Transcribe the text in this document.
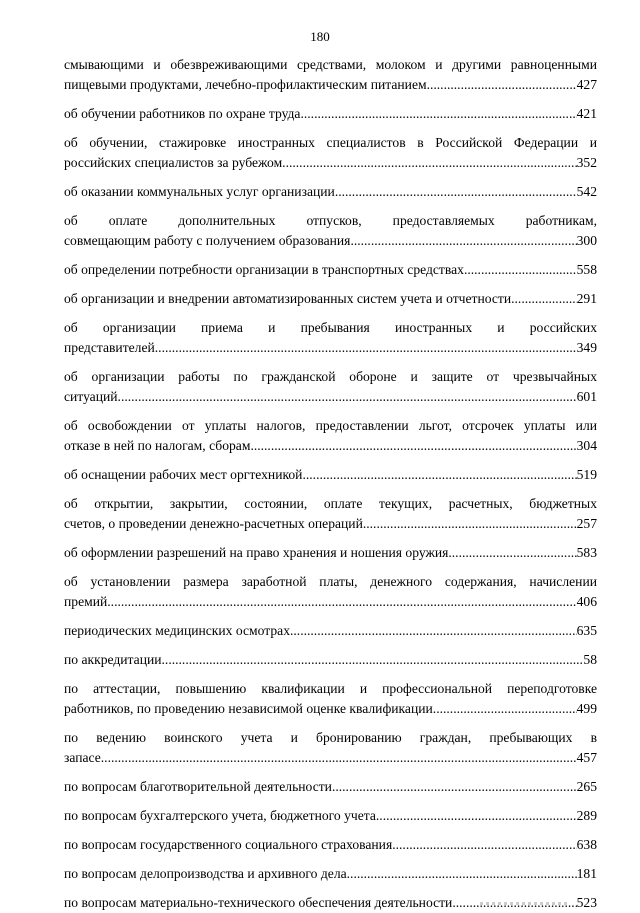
180
смывающими и обезвреживающими средствами, молоком и другими равноценными
пищевыми продуктами, лечебно-профилактическим питанием .....	427
об обучении работников по охране труда .....	421
об обучении, стажировке иностранных специалистов в Российской Федерации и
российских специалистов за рубежом .....	352
об оказании коммунальных услуг организации .....	542
об оплате дополнительных отпусков, предоставляемых работникам,
совмещающим работу с получением образования .....	300
об определении потребности организации в транспортных средствах .....	558
об организации и внедрении автоматизированных систем учета и отчетности .....	291
об организации приема и пребывания иностранных и российских
представителей .....	349
об организации работы по гражданской обороне и защите от чрезвычайных
ситуаций .....	601
об освобождении от уплаты налогов, предоставлении льгот, отсрочек уплаты или
отказе в ней по налогам, сборам .....	304
об оснащении рабочих мест оргтехникой .....	519
об открытии, закрытии, состоянии, оплате текущих, расчетных, бюджетных
счетов, о проведении денежно-расчетных операций .....	257
об оформлении разрешений на право хранения и ношения оружия .....	583
об установлении размера заработной платы, денежного содержания, начислении
премий .....	406
периодических медицинских осмотрах .....	635
по аккредитации .....	58
по аттестации, повышению квалификации и профессиональной переподготовке
работников, по проведению независимой оценке квалификации .....	499
по ведению воинского учета и бронированию граждан, пребывающих в
запасе .....	457
по вопросам благотворительной деятельности .....	265
по вопросам бухгалтерского учета, бюджетного учета .....	289
по вопросам государственного социального страхования .....	638
по вопросам делопроизводства и архивного дела .....	181
по вопросам материально-технического обеспечения деятельности .....	523
